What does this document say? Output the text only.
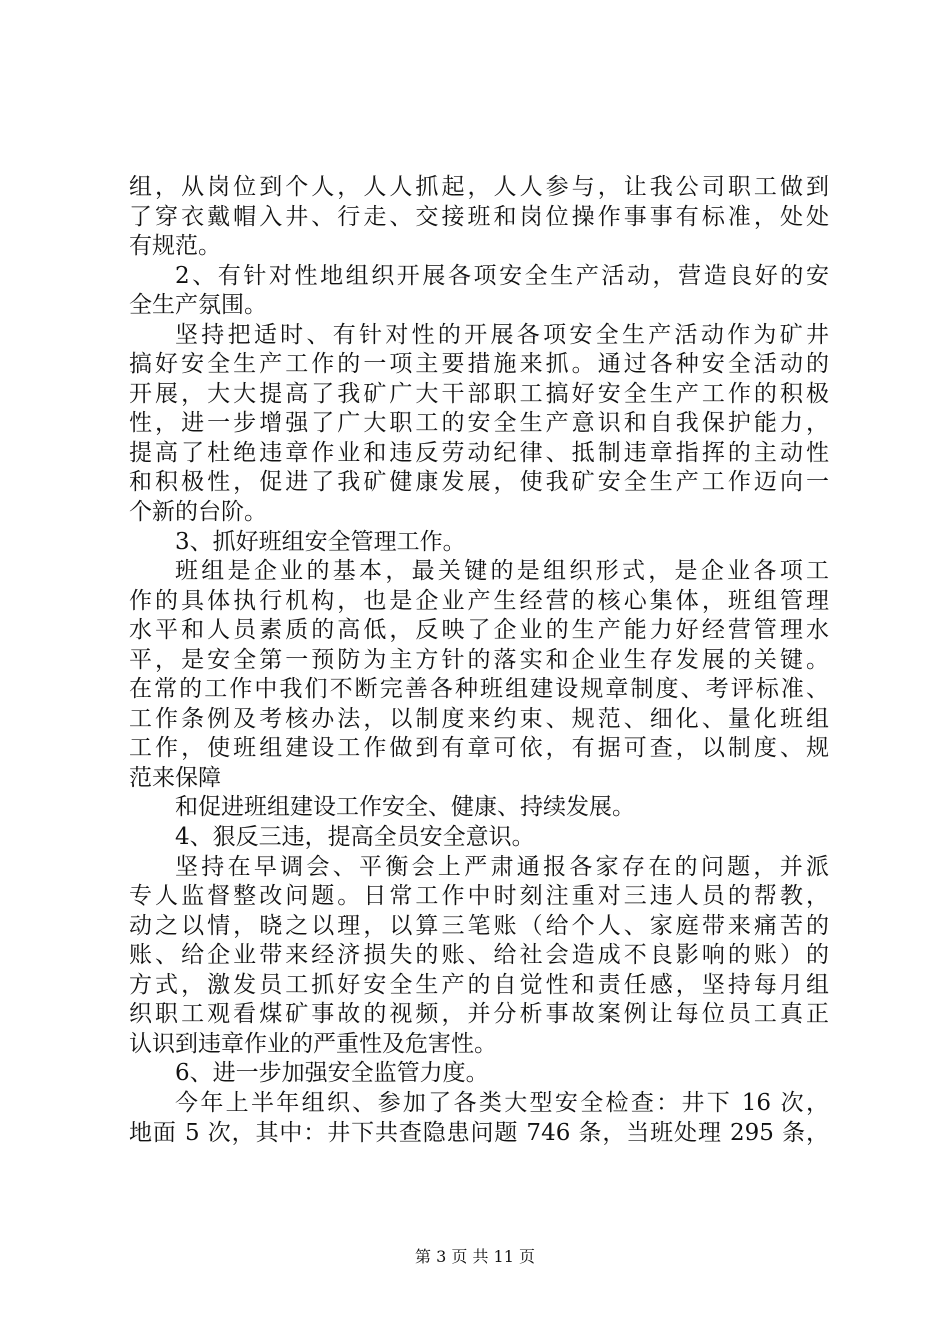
组，从岗位到个人，人人抓起，人人参与，让我公司职工做到
了穿衣戴帽入井、行走、交接班和岗位操作事事有标准，处处
有规范。
2、有针对性地组织开展各项安全生产活动，营造良好的安
全生产氛围。
坚持把适时、有针对性的开展各项安全生产活动作为矿井
搞好安全生产工作的一项主要措施来抓。通过各种安全活动的
开展，大大提高了我矿广大干部职工搞好安全生产工作的积极
性，进一步增强了广大职工的安全生产意识和自我保护能力，
提高了杜绝违章作业和违反劳动纪律、抵制违章指挥的主动性
和积极性，促进了我矿健康发展，使我矿安全生产工作迈向一
个新的台阶。
3、抓好班组安全管理工作。
班组是企业的基本，最关键的是组织形式，是企业各项工
作的具体执行机构，也是企业产生经营的核心集体，班组管理
水平和人员素质的高低，反映了企业的生产能力好经营管理水
平，是安全第一预防为主方针的落实和企业生存发展的关键。
在常的工作中我们不断完善各种班组建设规章制度、考评标准、
工作条例及考核办法，以制度来约束、规范、细化、量化班组
工作，使班组建设工作做到有章可依，有据可查，以制度、规
范来保障
和促进班组建设工作安全、健康、持续发展。
4、狠反三违，提高全员安全意识。
坚持在早调会、平衡会上严肃通报各家存在的问题，并派
专人监督整改问题。日常工作中时刻注重对三违人员的帮教，
动之以情，晓之以理，以算三笔账（给个人、家庭带来痛苦的
账、给企业带来经济损失的账、给社会造成不良影响的账）的
方式，激发员工抓好安全生产的自觉性和责任感，坚持每月组
织职工观看煤矿事故的视频，并分析事故案例让每位员工真正
认识到违章作业的严重性及危害性。
6、进一步加强安全监管力度。
今年上半年组织、参加了各类大型安全检查：井下 16 次，
地面 5 次，其中：井下共查隐患问题 746 条，当班处理 295 条，
第 3 页 共 11 页
